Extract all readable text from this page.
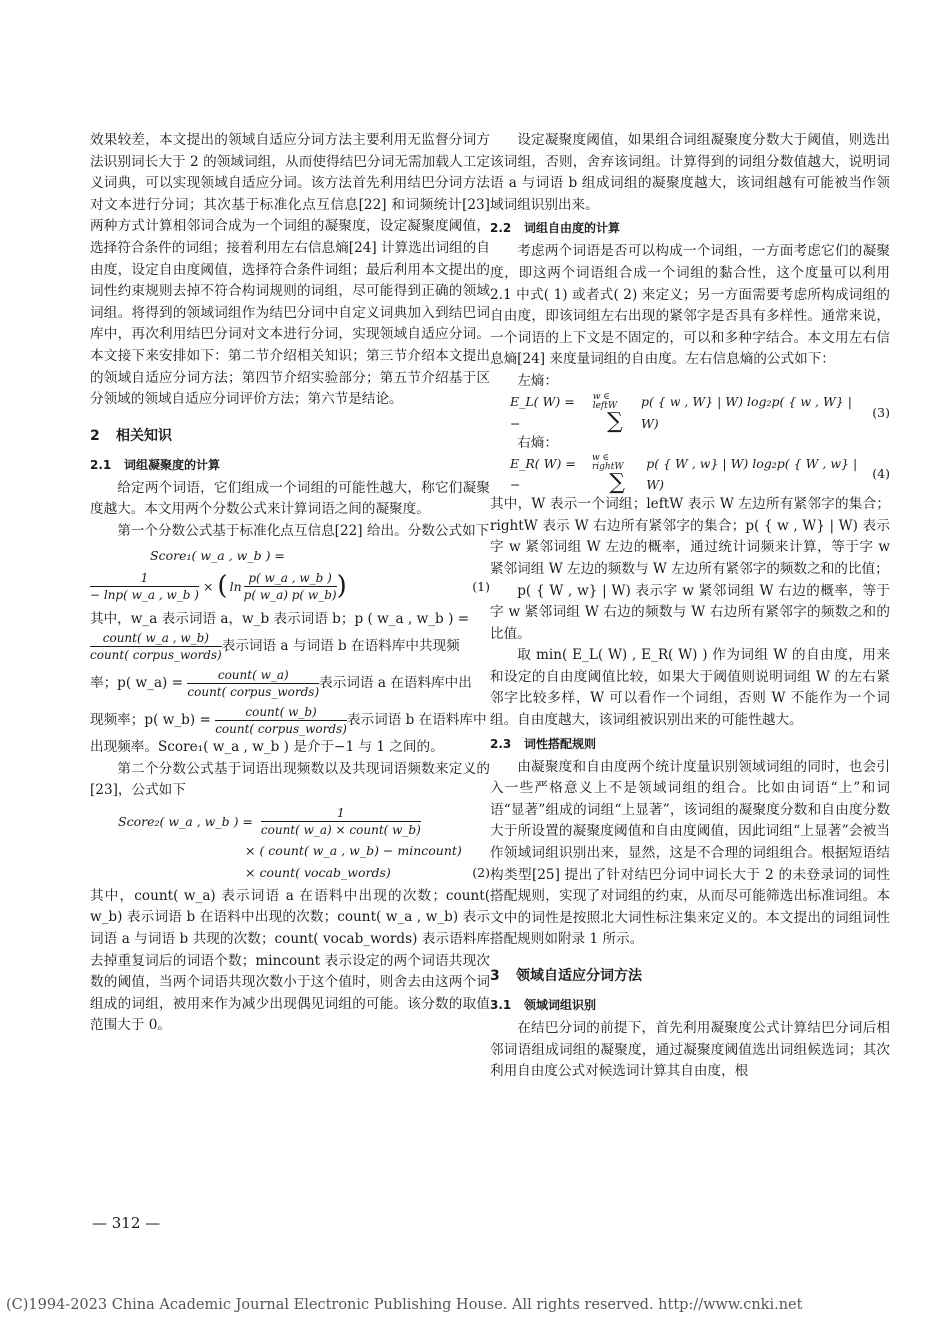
效果较差，本文提出的领域自适应分词方法主要利用无监督分词方法识别词长大于 2 的领域词组，从而使得结巴分词无需加载人工定义词典，可以实现领域自适应分词。该方法首先利用结巴分词方法对文本进行分词；其次基于标准化点互信息[22] 和词频统计[23] 两种方式计算相邻词合成为一个词组的凝聚度，设定凝聚度阈值，选择符合条件的词组；接着利用左右信息熵[24] 计算选出词组的自由度，设定自由度阈值，选择符合条件词组；最后利用本文提出的词性约束规则去掉不符合构词规则的词组，尽可能得到正确的领域词组。将得到的领域词组作为结巴分词中自定义词典加入到结巴词库中，再次利用结巴分词对文本进行分词，实现领域自适应分词。本文接下来安排如下：第二节介绍相关知识；第三节介绍本文提出的领域自适应分词方法；第四节介绍实验部分；第五节介绍基于区分领域的领域自适应分词评价方法；第六节是结论。

2 相关知识
2.1 词组凝聚度的计算

给定两个词语，它们组成一个词组的可能性越大，称它们凝聚度越大。本文用两个分数公式来计算词语之间的凝聚度。

第一个分数公式基于标准化点互信息[22] 给出。分数公式如下

Score₁( w_a , w_b ) =
$\frac{1}{- \ln p( w\_a , w\_b )}$ × ( $\ln \frac{p( w\_a , w\_b )}{p( w\_a) p( w\_b)}$ )	(1)

其中，w_a 表示词语 a，w_b 表示词语 b；p ( w_a , w_b ) =

$\frac{\text{count( w\_a , w\_b)}}{\text{count( corpus\_words)}}$ 表示词语 a 与词语 b 在语料库中共现频

率；p( w_a) = $\frac{\text{count( w\_a)}}{\text{count( corpus\_words)}}$ 表示词语 a 在语料库中出

现频率；p( w_b) = $\frac{\text{count( w\_b)}}{\text{count( corpus\_words)}}$ 表示词语 b 在语料库中

出现频率。Score₁( w_a , w_b ) 是介于−1 与 1 之间的。

第二个分数公式基于词语出现频数以及共现词语频数来定义的[23]，公式如下

Score₂( w_a , w_b ) = $\frac{1}{\text{count( w\_a) × count( w\_b)}}$
× ( count( w_a , w_b) − mincount)
× count( vocab_words)	(2)

其中，count( w_a) 表示词语 a 在语料中出现的次数；count( w_b) 表示词语 b 在语料中出现的次数；count( w_a , w_b) 表示词语 a 与词语 b 共现的次数；count( vocab_words) 表示语料库去掉重复词后的词语个数；mincount 表示设定的两个词语共现次数的阈值，当两个词语共现次数小于这个值时，则舍去由这两个词组成的词组，被用来作为减少出现偶见词组的可能。该分数的取值范围大于 0。

设定凝聚度阈值，如果组合词组凝聚度分数大于阈值，则选出该词组，否则，舍弃该词组。计算得到的词组分数值越大，说明词语 a 与词语 b 组成词组的凝聚度越大，该词组越有可能被当作领域词组识别出来。

2.2 词组自由度的计算

考虑两个词语是否可以构成一个词组，一方面考虑它们的凝聚度，即这两个词语组合成一个词组的黏合性，这个度量可以利用 2.1 中式( 1) 或者式( 2) 来定义；另一方面需要考虑所构成词组的自由度，即该词组左右出现的紧邻字是否具有多样性。通常来说，一个词语的上下文是不固定的，可以和多种字结合。本文用左右信息熵[24] 来度量词组的自由度。左右信息熵的公式如下：

左熵：

E_L( W) = −
w ∈ leftW
∑
p( { w , W} | W) log₂p( { w , W} | W)
(3)

右熵：

E_R( W) = −
w ∈ rightW
∑
p( { W , w} | W) log₂p( { W , w} | W)
(4)

其中，W 表示一个词组；leftW 表示 W 左边所有紧邻字的集合；rightW 表示 W 右边所有紧邻字的集合；p( { w , W} | W) 表示字 w 紧邻词组 W 左边的概率，通过统计词频来计算，等于字 w 紧邻词组 W 左边的频数与 W 左边所有紧邻字的频数之和的比值；

p( { W , w} | W) 表示字 w 紧邻词组 W 右边的概率，等于字 w 紧邻词组 W 右边的频数与 W 右边所有紧邻字的频数之和的比值。

取 min( E_L( W) , E_R( W) ) 作为词组 W 的自由度，用来和设定的自由度阈值比较，如果大于阈值则说明词组 W 的左右紧邻字比较多样，W 可以看作一个词组，否则 W 不能作为一个词组。自由度越大，该词组被识别出来的可能性越大。

2.3 词性搭配规则

由凝聚度和自由度两个统计度量识别领域词组的同时，也会引入一些严格意义上不是领域词组的组合。比如由词语“上”和词语“显著”组成的词组“上显著”，该词组的凝聚度分数和自由度分数大于所设置的凝聚度阈值和自由度阈值，因此词组“上显著”会被当作领域词组识别出来，显然，这是不合理的词组组合。根据短语结构类型[25] 提出了针对结巴分词中词长大于 2 的未登录词的词性搭配规则，实现了对词组的约束，从而尽可能筛选出标准词组。本文中的词性是按照北大词性标注集来定义的。本文提出的词组词性搭配规则如附录 1 所示。

3 领域自适应分词方法
3.1 领域词组识别

在结巴分词的前提下，首先利用凝聚度公式计算结巴分词后相邻词语组成词组的凝聚度，通过凝聚度阈值选出词组候选词；其次利用自由度公式对候选词计算其自由度，根

— 312 —
(C)1994-2023 China Academic Journal Electronic Publishing House. All rights reserved. http://www.cnki.net
